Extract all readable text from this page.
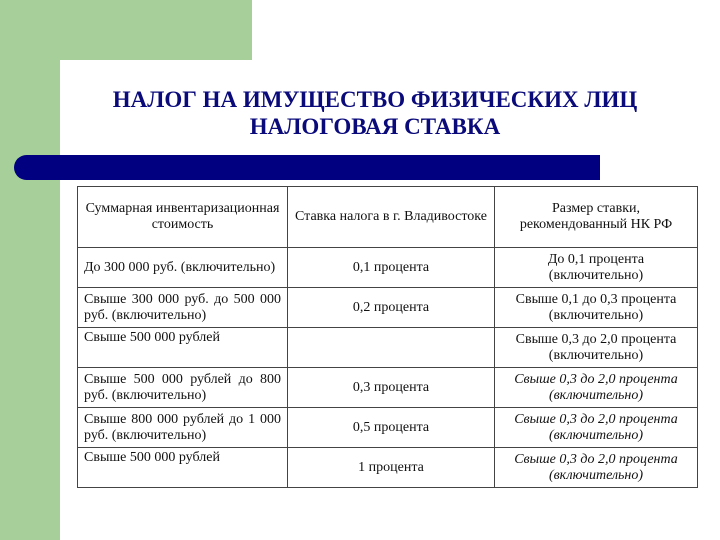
НАЛОГ НА ИМУЩЕСТВО ФИЗИЧЕСКИХ ЛИЦ
НАЛОГОВАЯ СТАВКА
Суммарная инвентаризационная стоимость	Ставка налога в г. Владивостоке	Размер ставки, рекомендованный НК РФ
До 300 000 руб. (включительно)	0,1 процента	До 0,1 процента (включительно)
Свыше 300 000 руб. до 500 000 руб. (включительно)	0,2 процента	Свыше 0,1 до 0,3 процента (включительно)
Свыше 500 000 рублей		Свыше 0,3 до 2,0 процента (включительно)
Свыше 500 000 рублей до 800 руб. (включительно)	0,3 процента	Свыше 0,3 до 2,0 процента (включительно)
Свыше 800 000 рублей до 1 000 руб. (включительно)	0,5 процента	Свыше 0,3 до 2,0 процента (включительно)
Свыше 500 000 рублей	1 процента	Свыше 0,3 до 2,0 процента (включительно)
